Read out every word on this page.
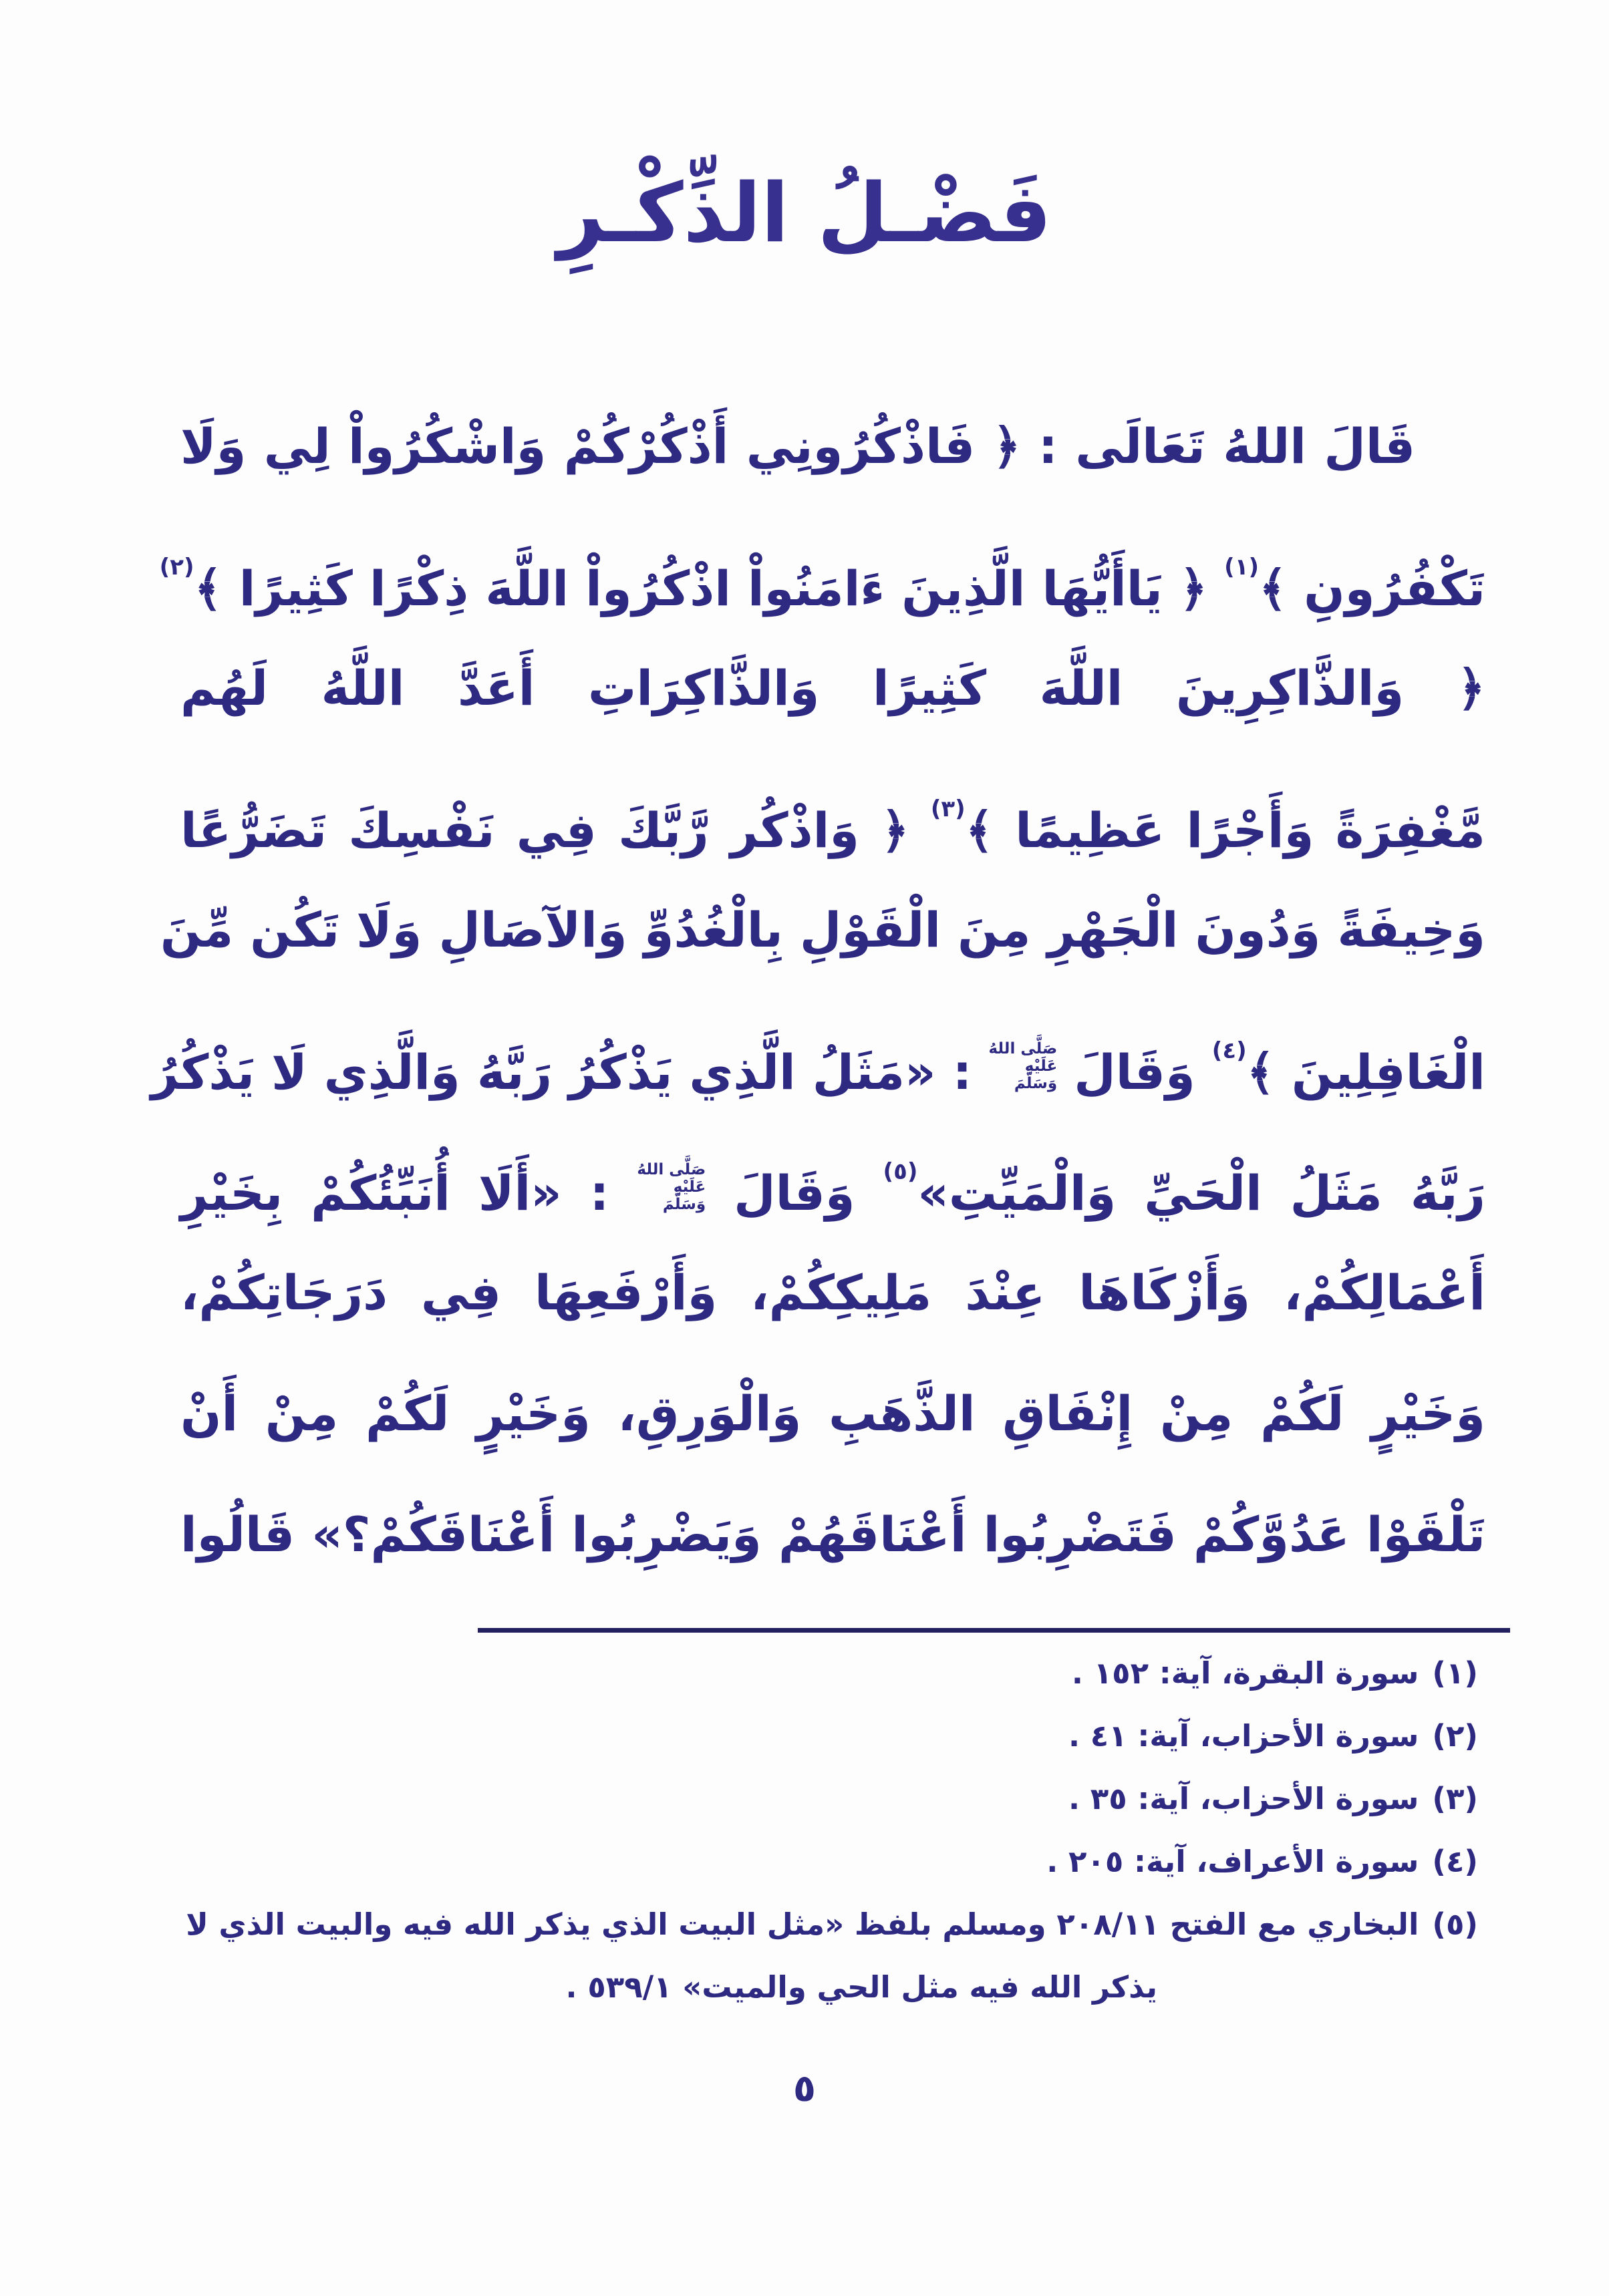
فَضْـلُ الذِّكْـرِ
قَالَ اللهُ تَعَالَى : ﴿ فَاذْكُرُونِي أَذْكُرْكُمْ وَاشْكُرُواْ لِي وَلَا
تَكْفُرُونِ ﴾$^{(١)}$ ﴿ يَاأَيُّهَا الَّذِينَ ءَامَنُواْ اذْكُرُواْ اللَّهَ ذِكْرًا كَثِيرًا ﴾$^{(٢)}$
﴿ وَالذَّاكِرِينَ اللَّهَ كَثِيرًا وَالذَّاكِرَاتِ أَعَدَّ اللَّهُ لَهُم
مَّغْفِرَةً وَأَجْرًا عَظِيمًا ﴾$^{(٣)}$ ﴿ وَاذْكُر رَّبَّكَ فِي نَفْسِكَ تَضَرُّعًا
وَخِيفَةً وَدُونَ الْجَهْرِ مِنَ الْقَوْلِ بِالْغُدُوِّ وَالآصَالِ وَلَا تَكُن مِّنَ
الْغَافِلِينَ ﴾$^{(٤)}$ وَقَالَ
صَلَّى اللهُ
عَلَيْهِ
وَسَلَّمَ
: «مَثَلُ الَّذِي يَذْكُرُ رَبَّهُ وَالَّذِي لَا يَذْكُرُ
رَبَّهُ مَثَلُ الْحَيِّ وَالْمَيِّتِ»$^{(٥)}$ وَقَالَ
صَلَّى اللهُ
عَلَيْهِ
وَسَلَّمَ
: «أَلَا أُنَبِّئُكُمْ بِخَيْرِ
أَعْمَالِكُمْ، وَأَزْكَاهَا عِنْدَ مَلِيكِكُمْ، وَأَرْفَعِهَا فِي دَرَجَاتِكُمْ،
وَخَيْرٍ لَكُمْ مِنْ إِنْفَاقِ الذَّهَبِ وَالْوَرِقِ، وَخَيْرٍ لَكُمْ مِنْ أَنْ
تَلْقَوْا عَدُوَّكُمْ فَتَضْرِبُوا أَعْنَاقَهُمْ وَيَضْرِبُوا أَعْنَاقَكُمْ؟» قَالُوا
(١)سورة البقرة، آية: ١٥٢ .
(٢)سورة الأحزاب، آية: ٤١ .
(٣)سورة الأحزاب، آية: ٣٥ .
(٤)سورة الأعراف، آية: ٢٠٥ .
(٥)البخاري مع الفتح ٢٠٨/١١ ومسلم بلفظ «مثل البيت الذي يذكر الله فيه والبيت الذي لا
يذكر الله فيه مثل الحي والميت» ٥٣٩/١ .
٥
